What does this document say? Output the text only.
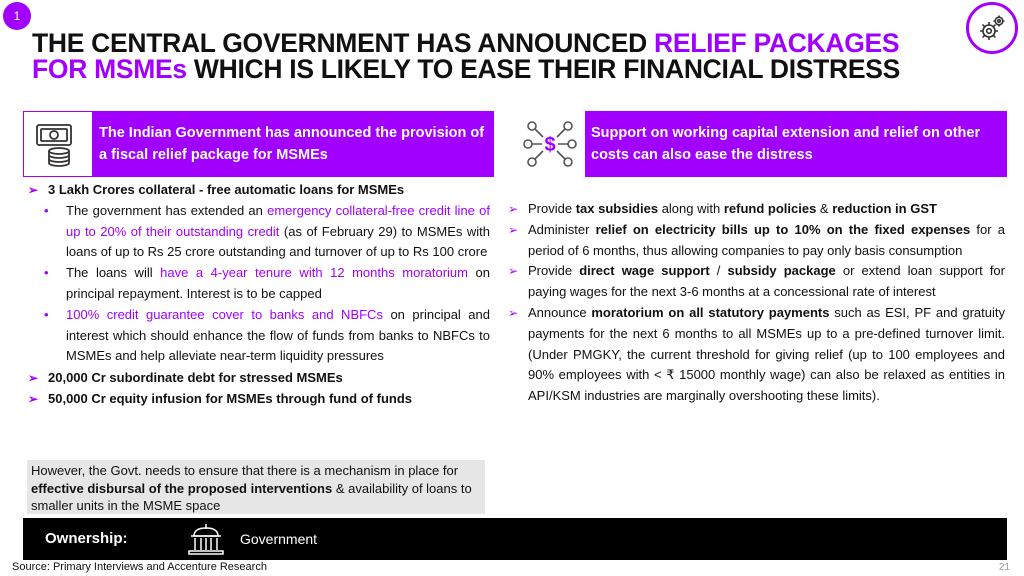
1
THE CENTRAL GOVERNMENT HAS ANNOUNCED RELIEF PACKAGES FOR MSMEs WHICH IS LIKELY TO EASE THEIR FINANCIAL DISTRESS
The Indian Government has announced the provision of a fiscal relief package for MSMEs	$
Support on working capital extension and relief on other costs can also ease the distress
➢ 3 Lakh Crores collateral - free automatic loans for MSMEs
• The government has extended an emergency collateral-free credit line of up to 20% of their outstanding credit (as of February 29) to MSMEs with loans of up to Rs 25 crore outstanding and turnover of up to Rs 100 crore
• The loans will have a 4-year tenure with 12 months moratorium on principal repayment. Interest is to be capped
• 100% credit guarantee cover to banks and NBFCs on principal and interest which should enhance the flow of funds from banks to NBFCs to MSMEs and help alleviate near-term liquidity pressures
➢ 20,000 Cr subordinate debt for stressed MSMEs
➢ 50,000 Cr equity infusion for MSMEs through fund of funds
However, the Govt. needs to ensure that there is a mechanism in place for effective disbursal of the proposed interventions & availability of loans to smaller units in the MSME space
➢ Provide tax subsidies along with refund policies & reduction in GST
➢ Administer relief on electricity bills up to 10% on the fixed expenses for a period of 6 months, thus allowing companies to pay only basis consumption
➢ Provide direct wage support / subsidy package or extend loan support for paying wages for the next 3-6 months at a concessional rate of interest
➢ Announce moratorium on all statutory payments such as ESI, PF and gratuity payments for the next 6 months to all MSMEs up to a pre-defined turnover limit. (Under PMGKY, the current threshold for giving relief (up to 100 employees and 90% employees with < ₹ 15000 monthly wage) can also be relaxed as entities in API/KSM industries are marginally overshooting these limits).
Ownership:	Government
Source: Primary Interviews and Accenture Research	21
